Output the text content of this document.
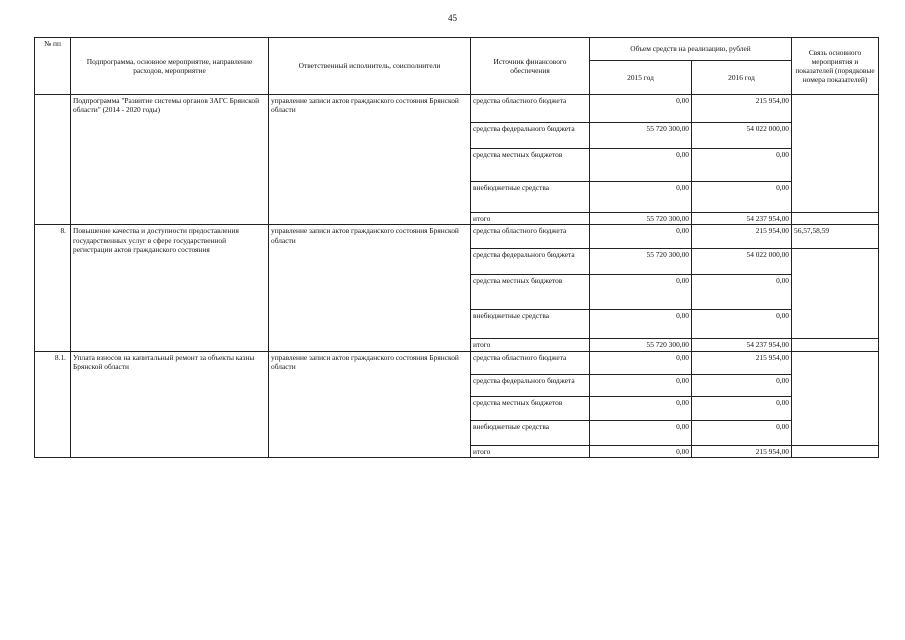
45
№ пп	Подпрограмма, основное мероприятие, направление расходов, мероприятие	Ответственный исполнитель, соисполнители	Источник финансового обеспечения	Объем средств на реализацию, рублей		Связь основного мероприятия и показателей (порядковые номера показателей)
				2015 год	2016 год	
	Подпрограмма "Развитие системы органов ЗАГС Брянской области" (2014 - 2020 годы)	управление записи актов гражданского состояния Брянской области	средства областного бюджета	0,00	215 954,00	
			средства федерального бюджета	55 720 300,00	54 022 000,00	
			средства местных бюджетов	0,00	0,00	
			внебюджетные средства	0,00	0,00	
			итого	55 720 300,00	54 237 954,00	
8.	Повышение качества и доступности предоставления государственных услуг в сфере государственной регистрации актов гражданского состояния	управление записи актов гражданского состояния Брянской области	средства областного бюджета	0,00	215 954,00	56,57,58,59
			средства федерального бюджета	55 720 300,00	54 022 000,00	
			средства местных бюджетов	0,00	0,00	
			внебюджетные средства	0,00	0,00	
			итого	55 720 300,00	54 237 954,00	
8.1.	Уплата взносов на капитальный ремонт за объекты казны Брянской области	управление записи актов гражданского состояния Брянской области	средства областного бюджета	0,00	215 954,00	
			средства федерального бюджета	0,00	0,00	
			средства местных бюджетов	0,00	0,00	
			внебюджетные средства	0,00	0,00	
			итого	0,00	215 954,00	
